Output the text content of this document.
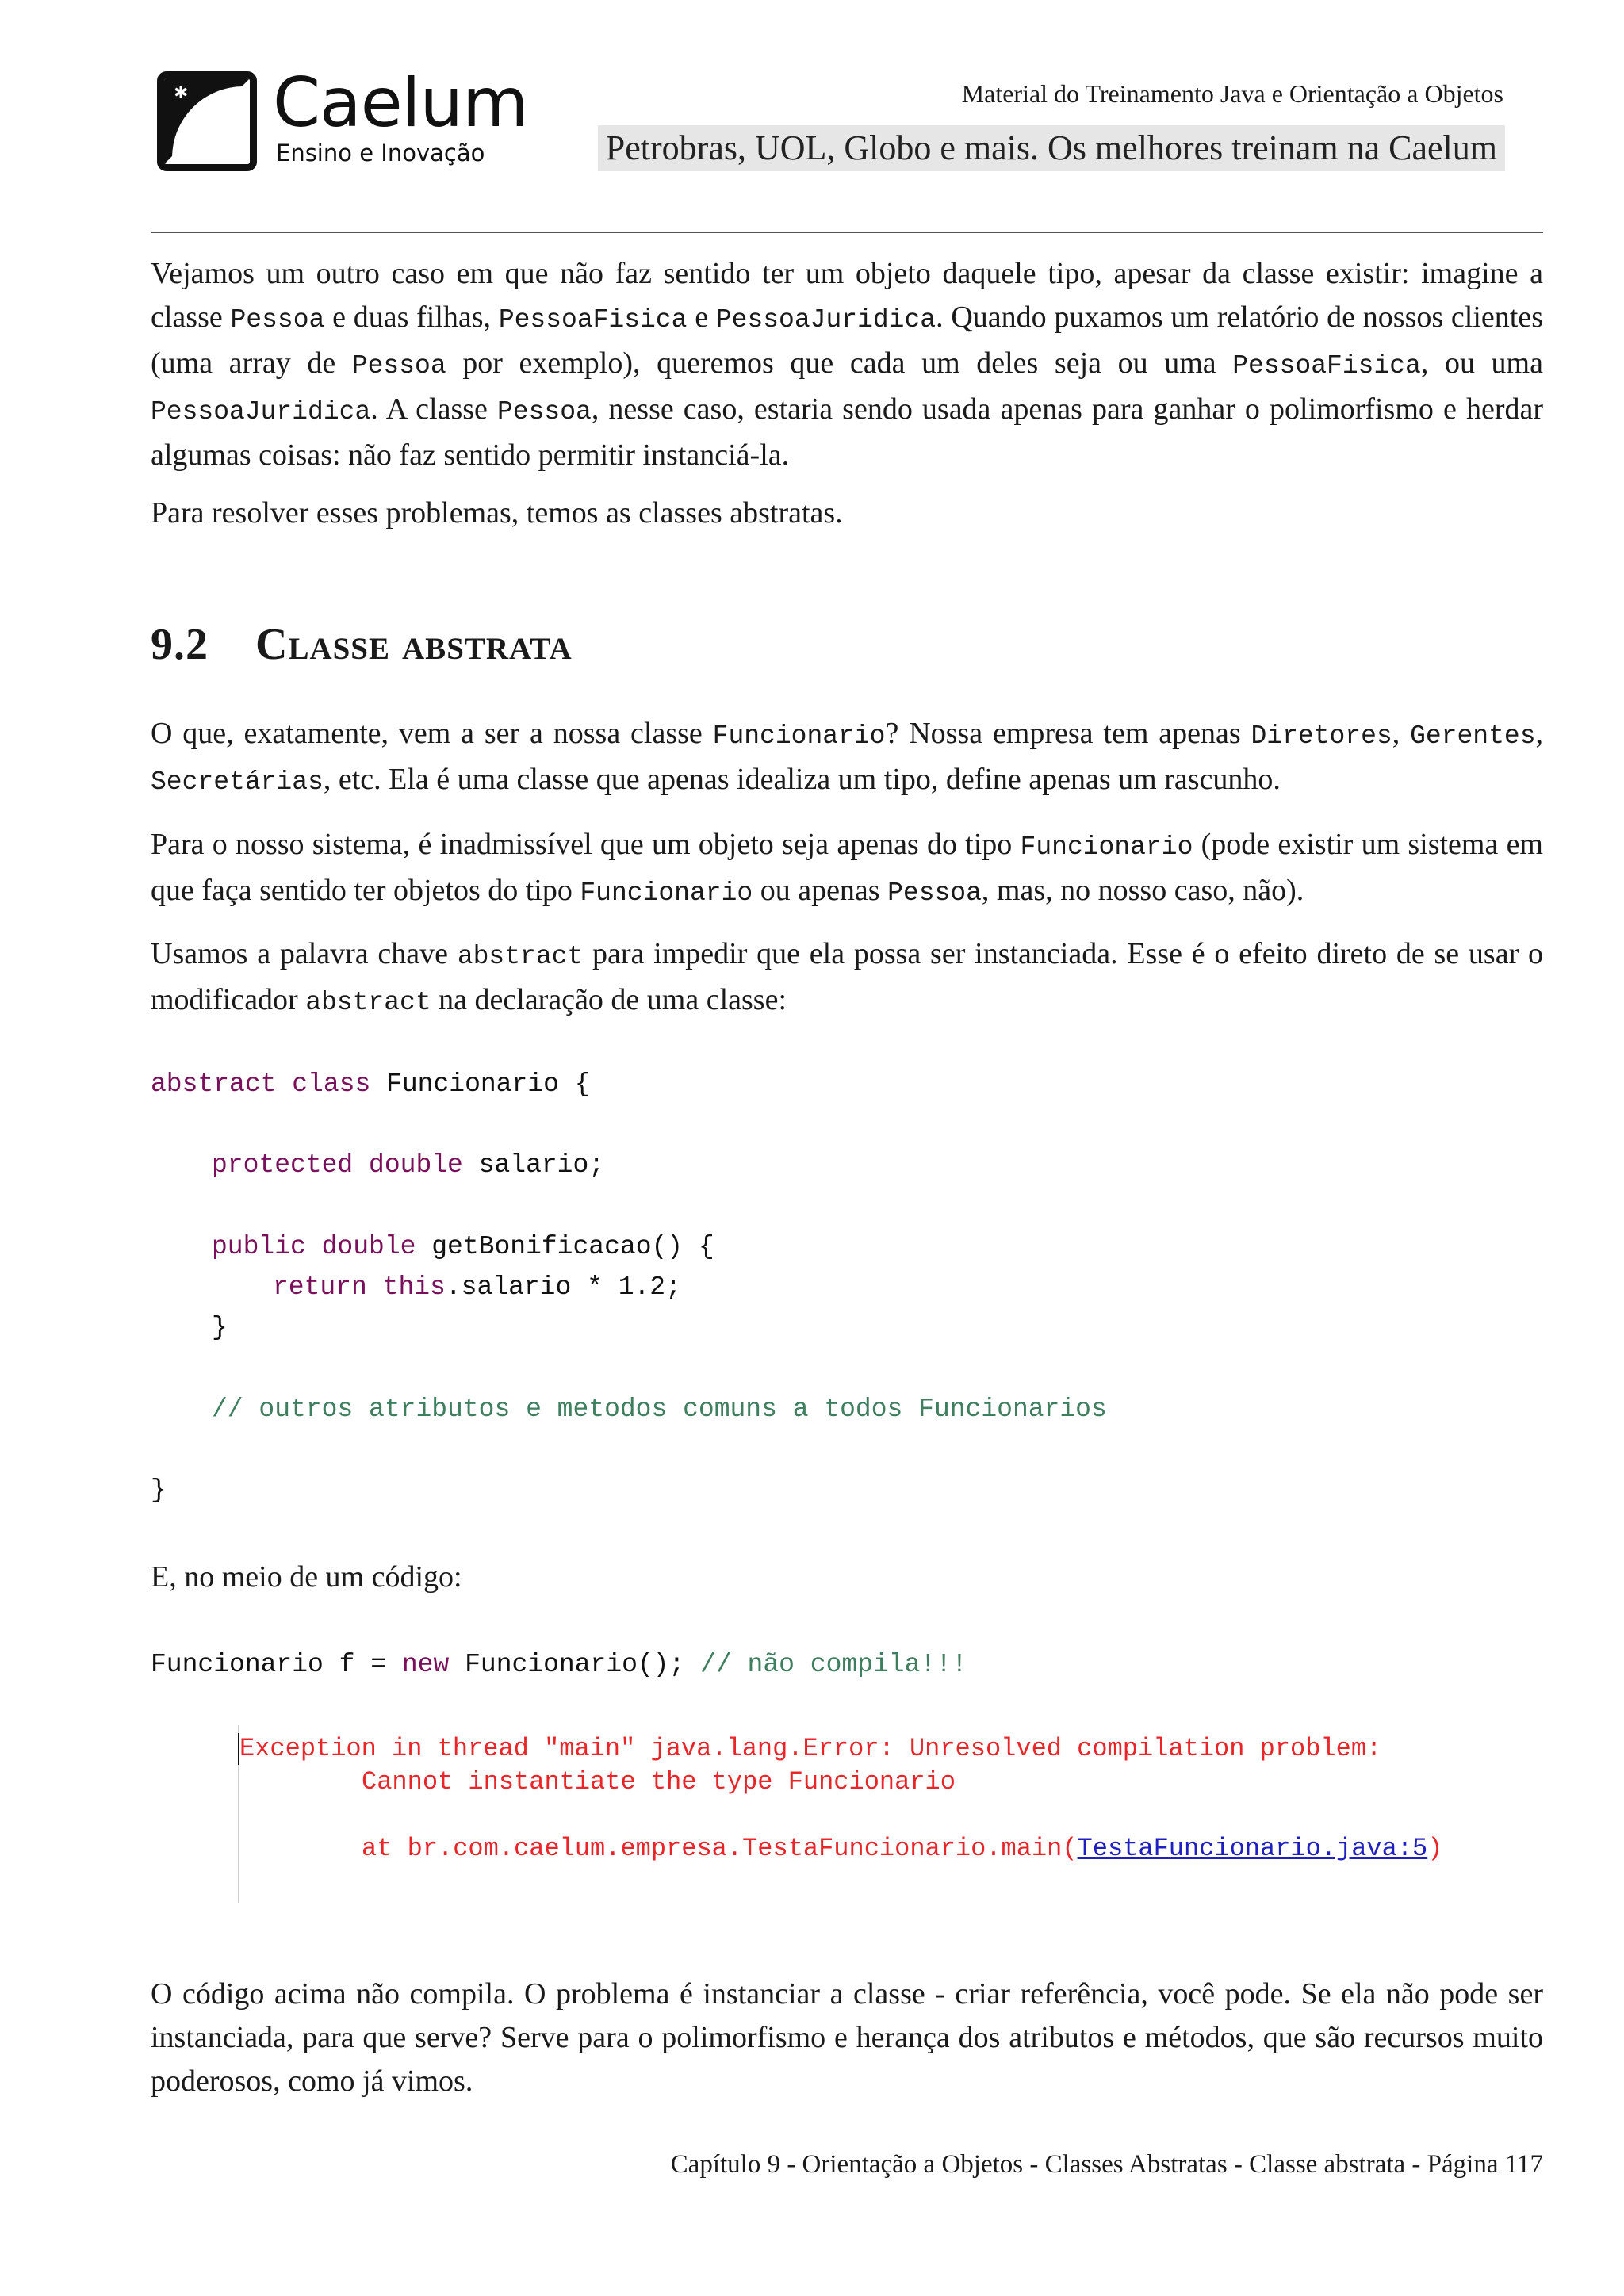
✱ Caelum
Ensino e Inovação
Material do Treinamento Java e Orientação a Objetos
Petrobras, UOL, Globo e mais. Os melhores treinam na Caelum

Vejamos um outro caso em que não faz sentido ter um objeto daquele tipo, apesar da classe existir: imagine a classe Pessoa e duas filhas, PessoaFisica e PessoaJuridica. Quando puxamos um relatório de nossos clientes (uma array de Pessoa por exemplo), queremos que cada um deles seja ou uma PessoaFisica, ou uma PessoaJuridica. A classe Pessoa, nesse caso, estaria sendo usada apenas para ganhar o polimorfismo e herdar algumas coisas: não faz sentido permitir instanciá-la.

Para resolver esses problemas, temos as classes abstratas.

9.2 Classe abstrata

O que, exatamente, vem a ser a nossa classe Funcionario? Nossa empresa tem apenas Diretores, Gerentes, Secretárias, etc. Ela é uma classe que apenas idealiza um tipo, define apenas um rascunho.

Para o nosso sistema, é inadmissível que um objeto seja apenas do tipo Funcionario (pode existir um sistema em que faça sentido ter objetos do tipo Funcionario ou apenas Pessoa, mas, no nosso caso, não).

Usamos a palavra chave abstract para impedir que ela possa ser instanciada. Esse é o efeito direto de se usar o modificador abstract na declaração de uma classe:

abstract class Funcionario {
protected double salario;
public double getBonificacao() {
return this.salario * 1.2;
}
// outros atributos e metodos comuns a todos Funcionarios
}

E, no meio de um código:

Funcionario f = new Funcionario(); // não compila!!!
Exception in thread "main" java.lang.Error: Unresolved compilation problem:
Cannot instantiate the type Funcionario
at br.com.caelum.empresa.TestaFuncionario.main(TestaFuncionario.java:5)

O código acima não compila. O problema é instanciar a classe - criar referência, você pode. Se ela não pode ser instanciada, para que serve? Serve para o polimorfismo e herança dos atributos e métodos, que são recursos muito poderosos, como já vimos.

Capítulo 9 - Orientação a Objetos - Classes Abstratas - Classe abstrata - Página 117
